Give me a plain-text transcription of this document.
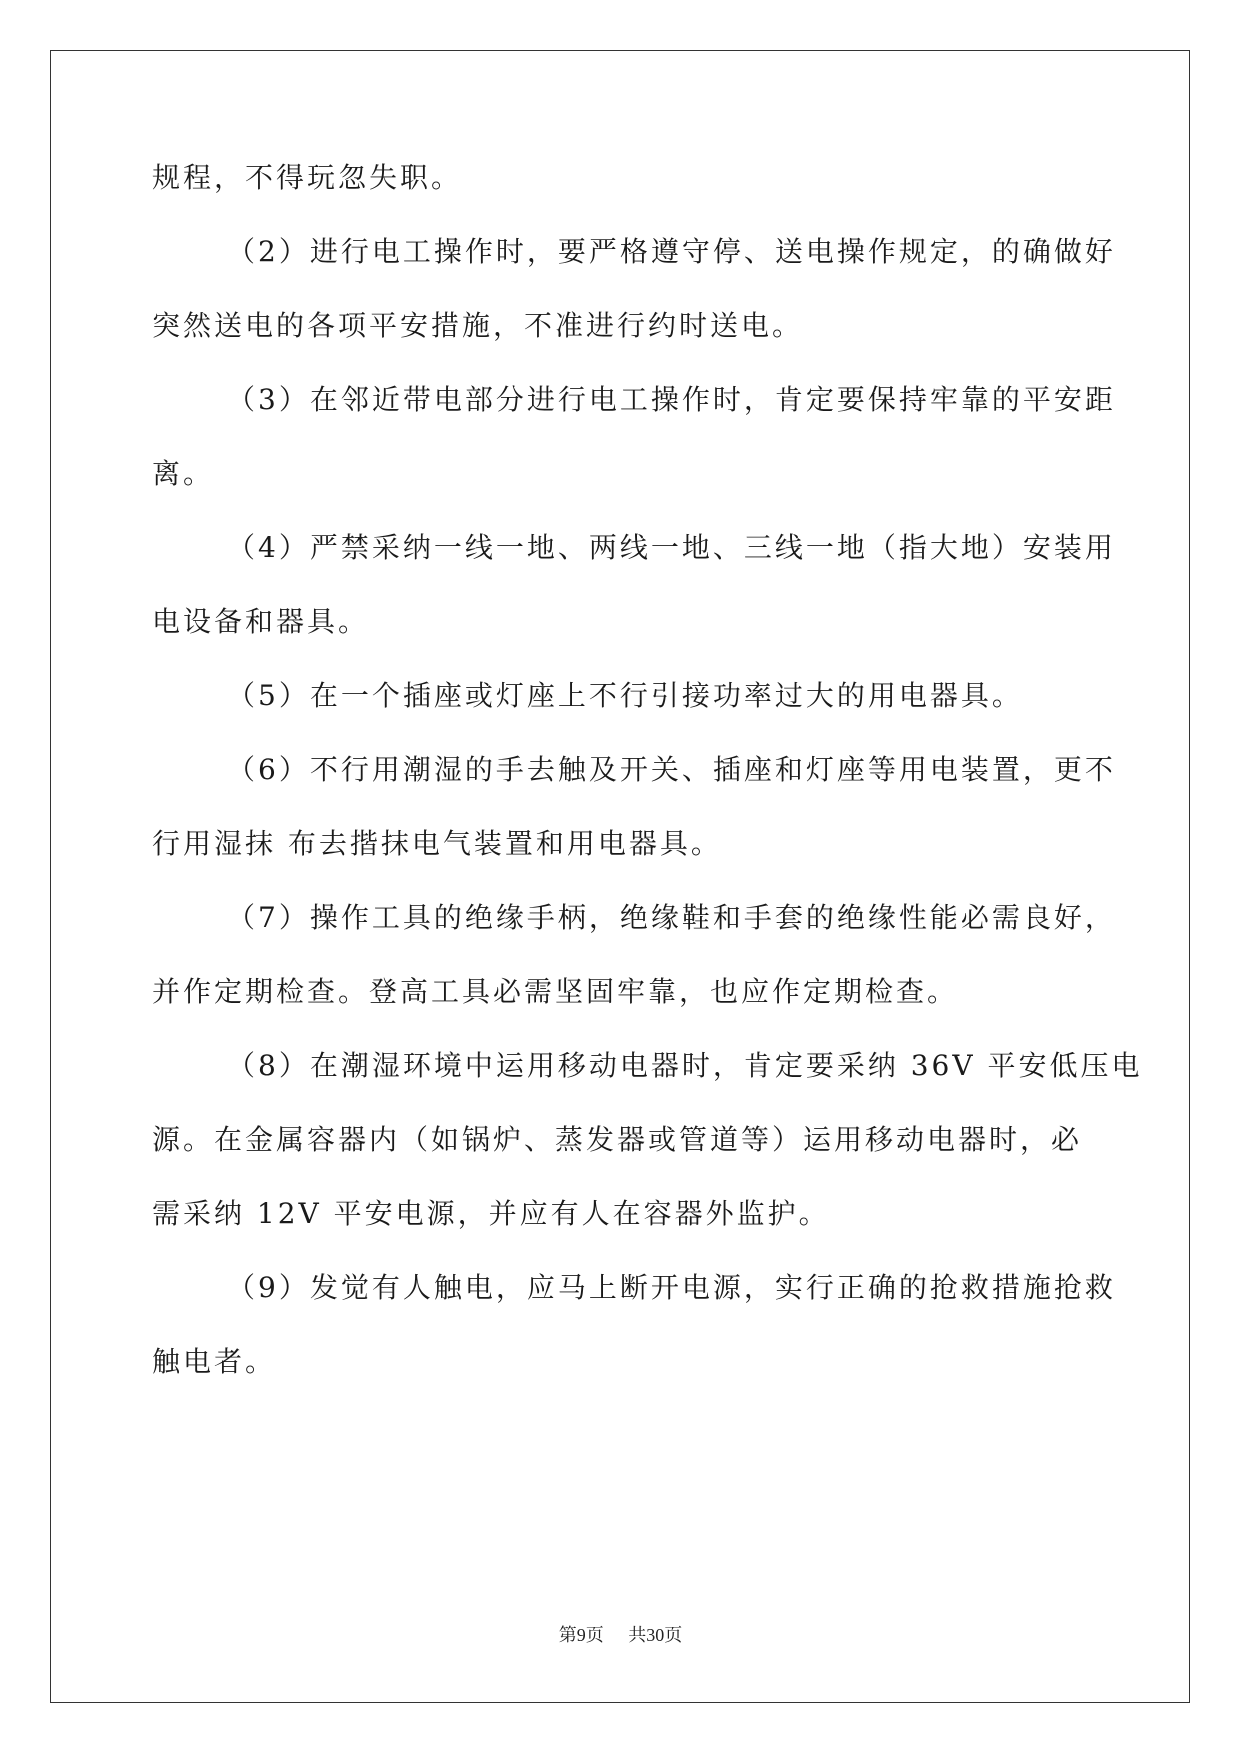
规程，不得玩忽失职。
（2）进行电工操作时，要严格遵守停、送电操作规定，的确做好
突然送电的各项平安措施，不准进行约时送电。
（3）在邻近带电部分进行电工操作时，肯定要保持牢靠的平安距
离。
（4）严禁采纳一线一地、两线一地、三线一地（指大地）安装用
电设备和器具。
（5）在一个插座或灯座上不行引接功率过大的用电器具。
（6）不行用潮湿的手去触及开关、插座和灯座等用电装置，更不
行用湿抹 布去揩抹电气装置和用电器具。
（7）操作工具的绝缘手柄，绝缘鞋和手套的绝缘性能必需良好，
并作定期检查。登高工具必需坚固牢靠，也应作定期检查。
（8）在潮湿环境中运用移动电器时，肯定要采纳 36V 平安低压电
源。在金属容器内（如锅炉、蒸发器或管道等）运用移动电器时，必
需采纳 12V 平安电源，并应有人在容器外监护。
（9）发觉有人触电，应马上断开电源，实行正确的抢救措施抢救
触电者。
第9页 共30页
